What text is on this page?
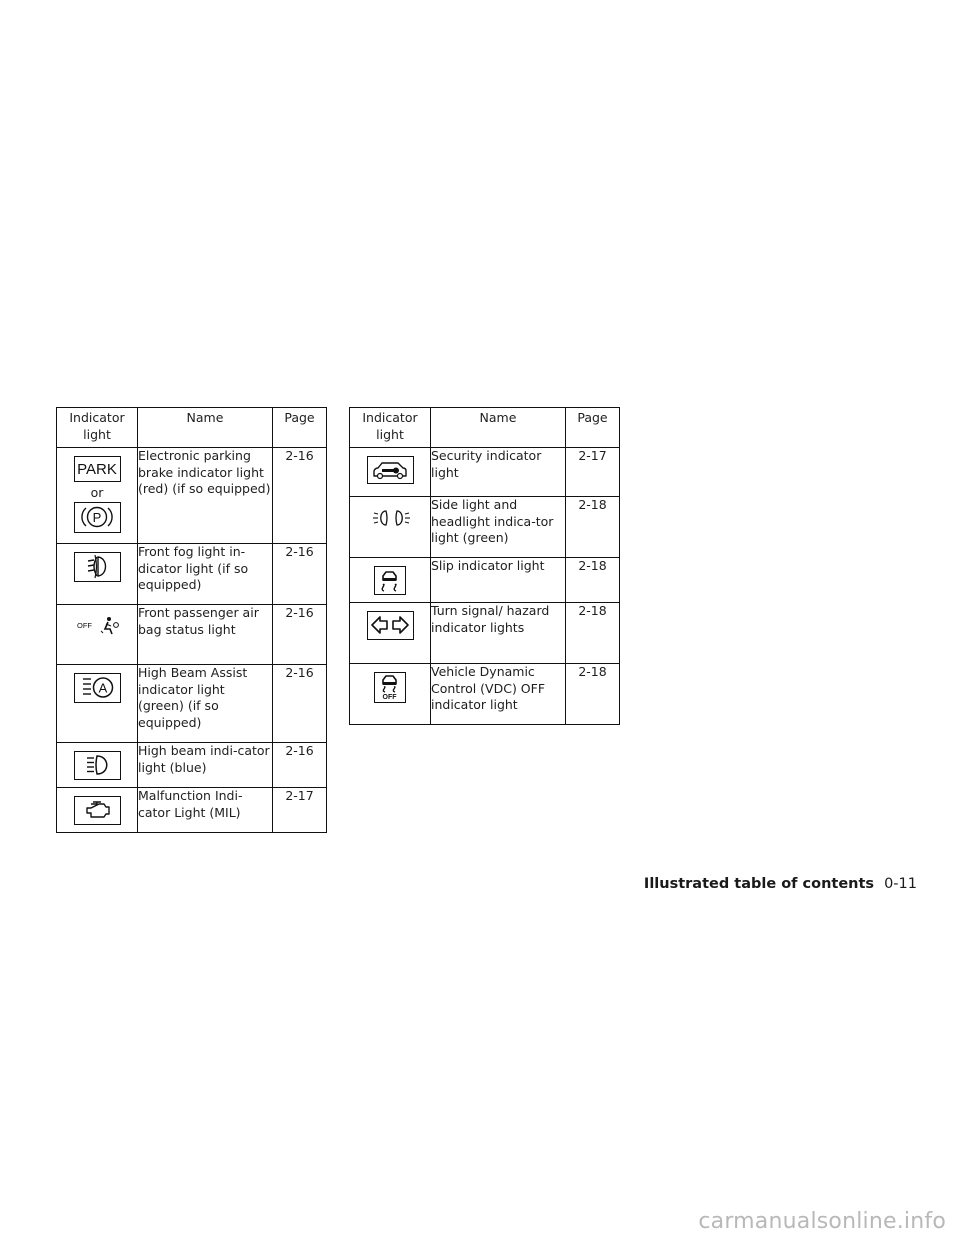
Indicator light	Name	Page

PARK
or
P	Electronic parking brake indicator light (red) (if so equipped)	2-16

	Front fog light in-dicator light (if so equipped)	2-16

OFF	Front passenger air bag status light	2-16

A	High Beam Assist indicator light (green) (if so equipped)	2-16

	High beam indi-cator light (blue)	2-16

	Malfunction Indi-cator Light (MIL)	2-17
Indicator light	Name	Page

	Security indicator light	2-17

	Side light and headlight indica-tor light (green)	2-18

	Slip indicator light	2-18

	Turn signal/ hazard indicator lights	2-18

OFF	Vehicle Dynamic Control (VDC) OFF indicator light	2-18
Illustrated table of contents 0-11
carmanualsonline.info
